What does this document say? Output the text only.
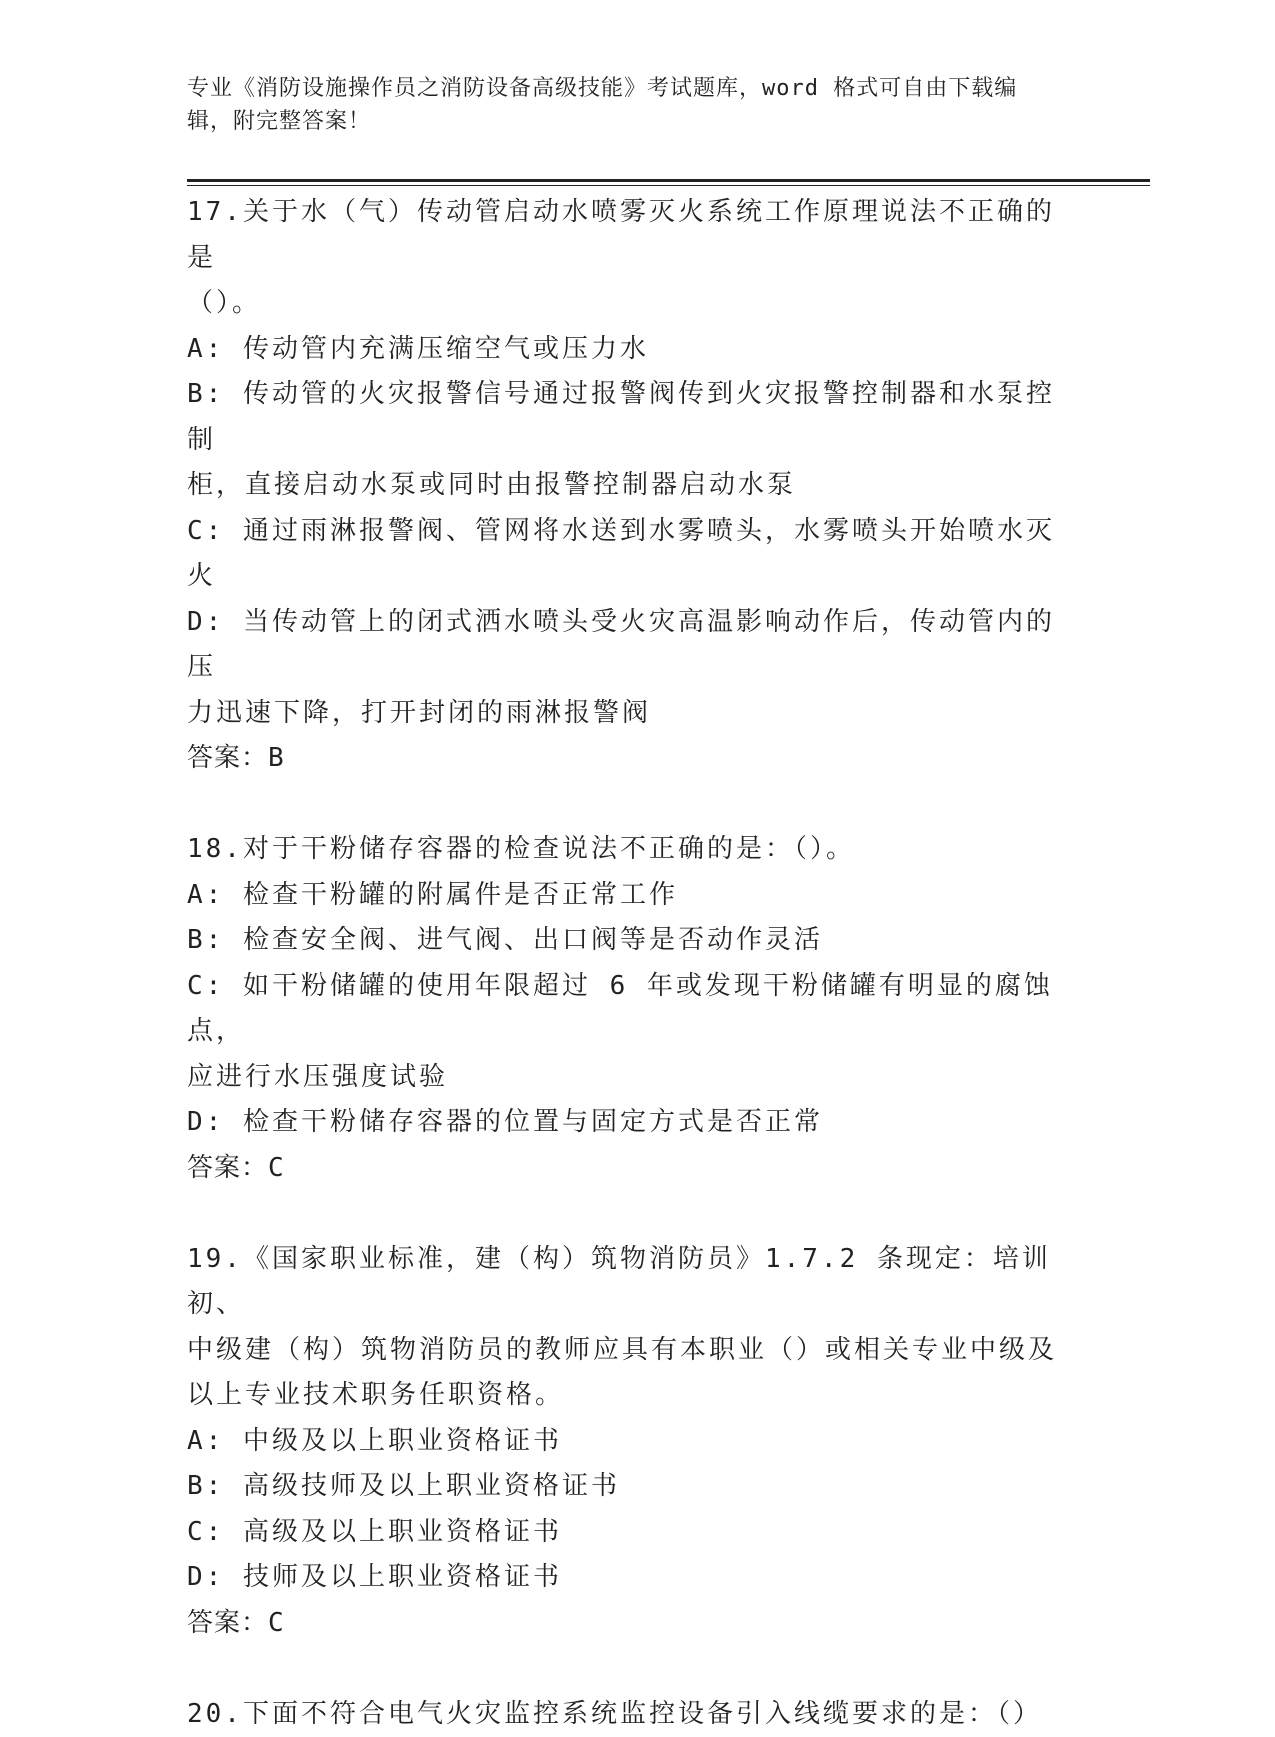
专业《消防设施操作员之消防设备高级技能》考试题库，word 格式可自由下载编
辑，附完整答案！
17.关于水（气）传动管启动水喷雾灭火系统工作原理说法不正确的是
（）。
A: 传动管内充满压缩空气或压力水
B: 传动管的火灾报警信号通过报警阀传到火灾报警控制器和水泵控制
柜，直接启动水泵或同时由报警控制器启动水泵
C: 通过雨淋报警阀、管网将水送到水雾喷头，水雾喷头开始喷水灭火
D: 当传动管上的闭式洒水喷头受火灾高温影响动作后，传动管内的压
力迅速下降，打开封闭的雨淋报警阀
答案：B
18.对于干粉储存容器的检查说法不正确的是：（）。
A: 检查干粉罐的附属件是否正常工作
B: 检查安全阀、进气阀、出口阀等是否动作灵活
C: 如干粉储罐的使用年限超过 6 年或发现干粉储罐有明显的腐蚀点，
应进行水压强度试验
D: 检查干粉储存容器的位置与固定方式是否正常
答案：C
19.《国家职业标准，建（构）筑物消防员》1.7.2 条现定：培训初、
中级建（构）筑物消防员的教师应具有本职业（）或相关专业中级及
以上专业技术职务任职资格。
A: 中级及以上职业资格证书
B: 高级技师及以上职业资格证书
C: 高级及以上职业资格证书
D: 技师及以上职业资格证书
答案：C
20.下面不符合电气火灾监控系统监控设备引入线缆要求的是：（）
